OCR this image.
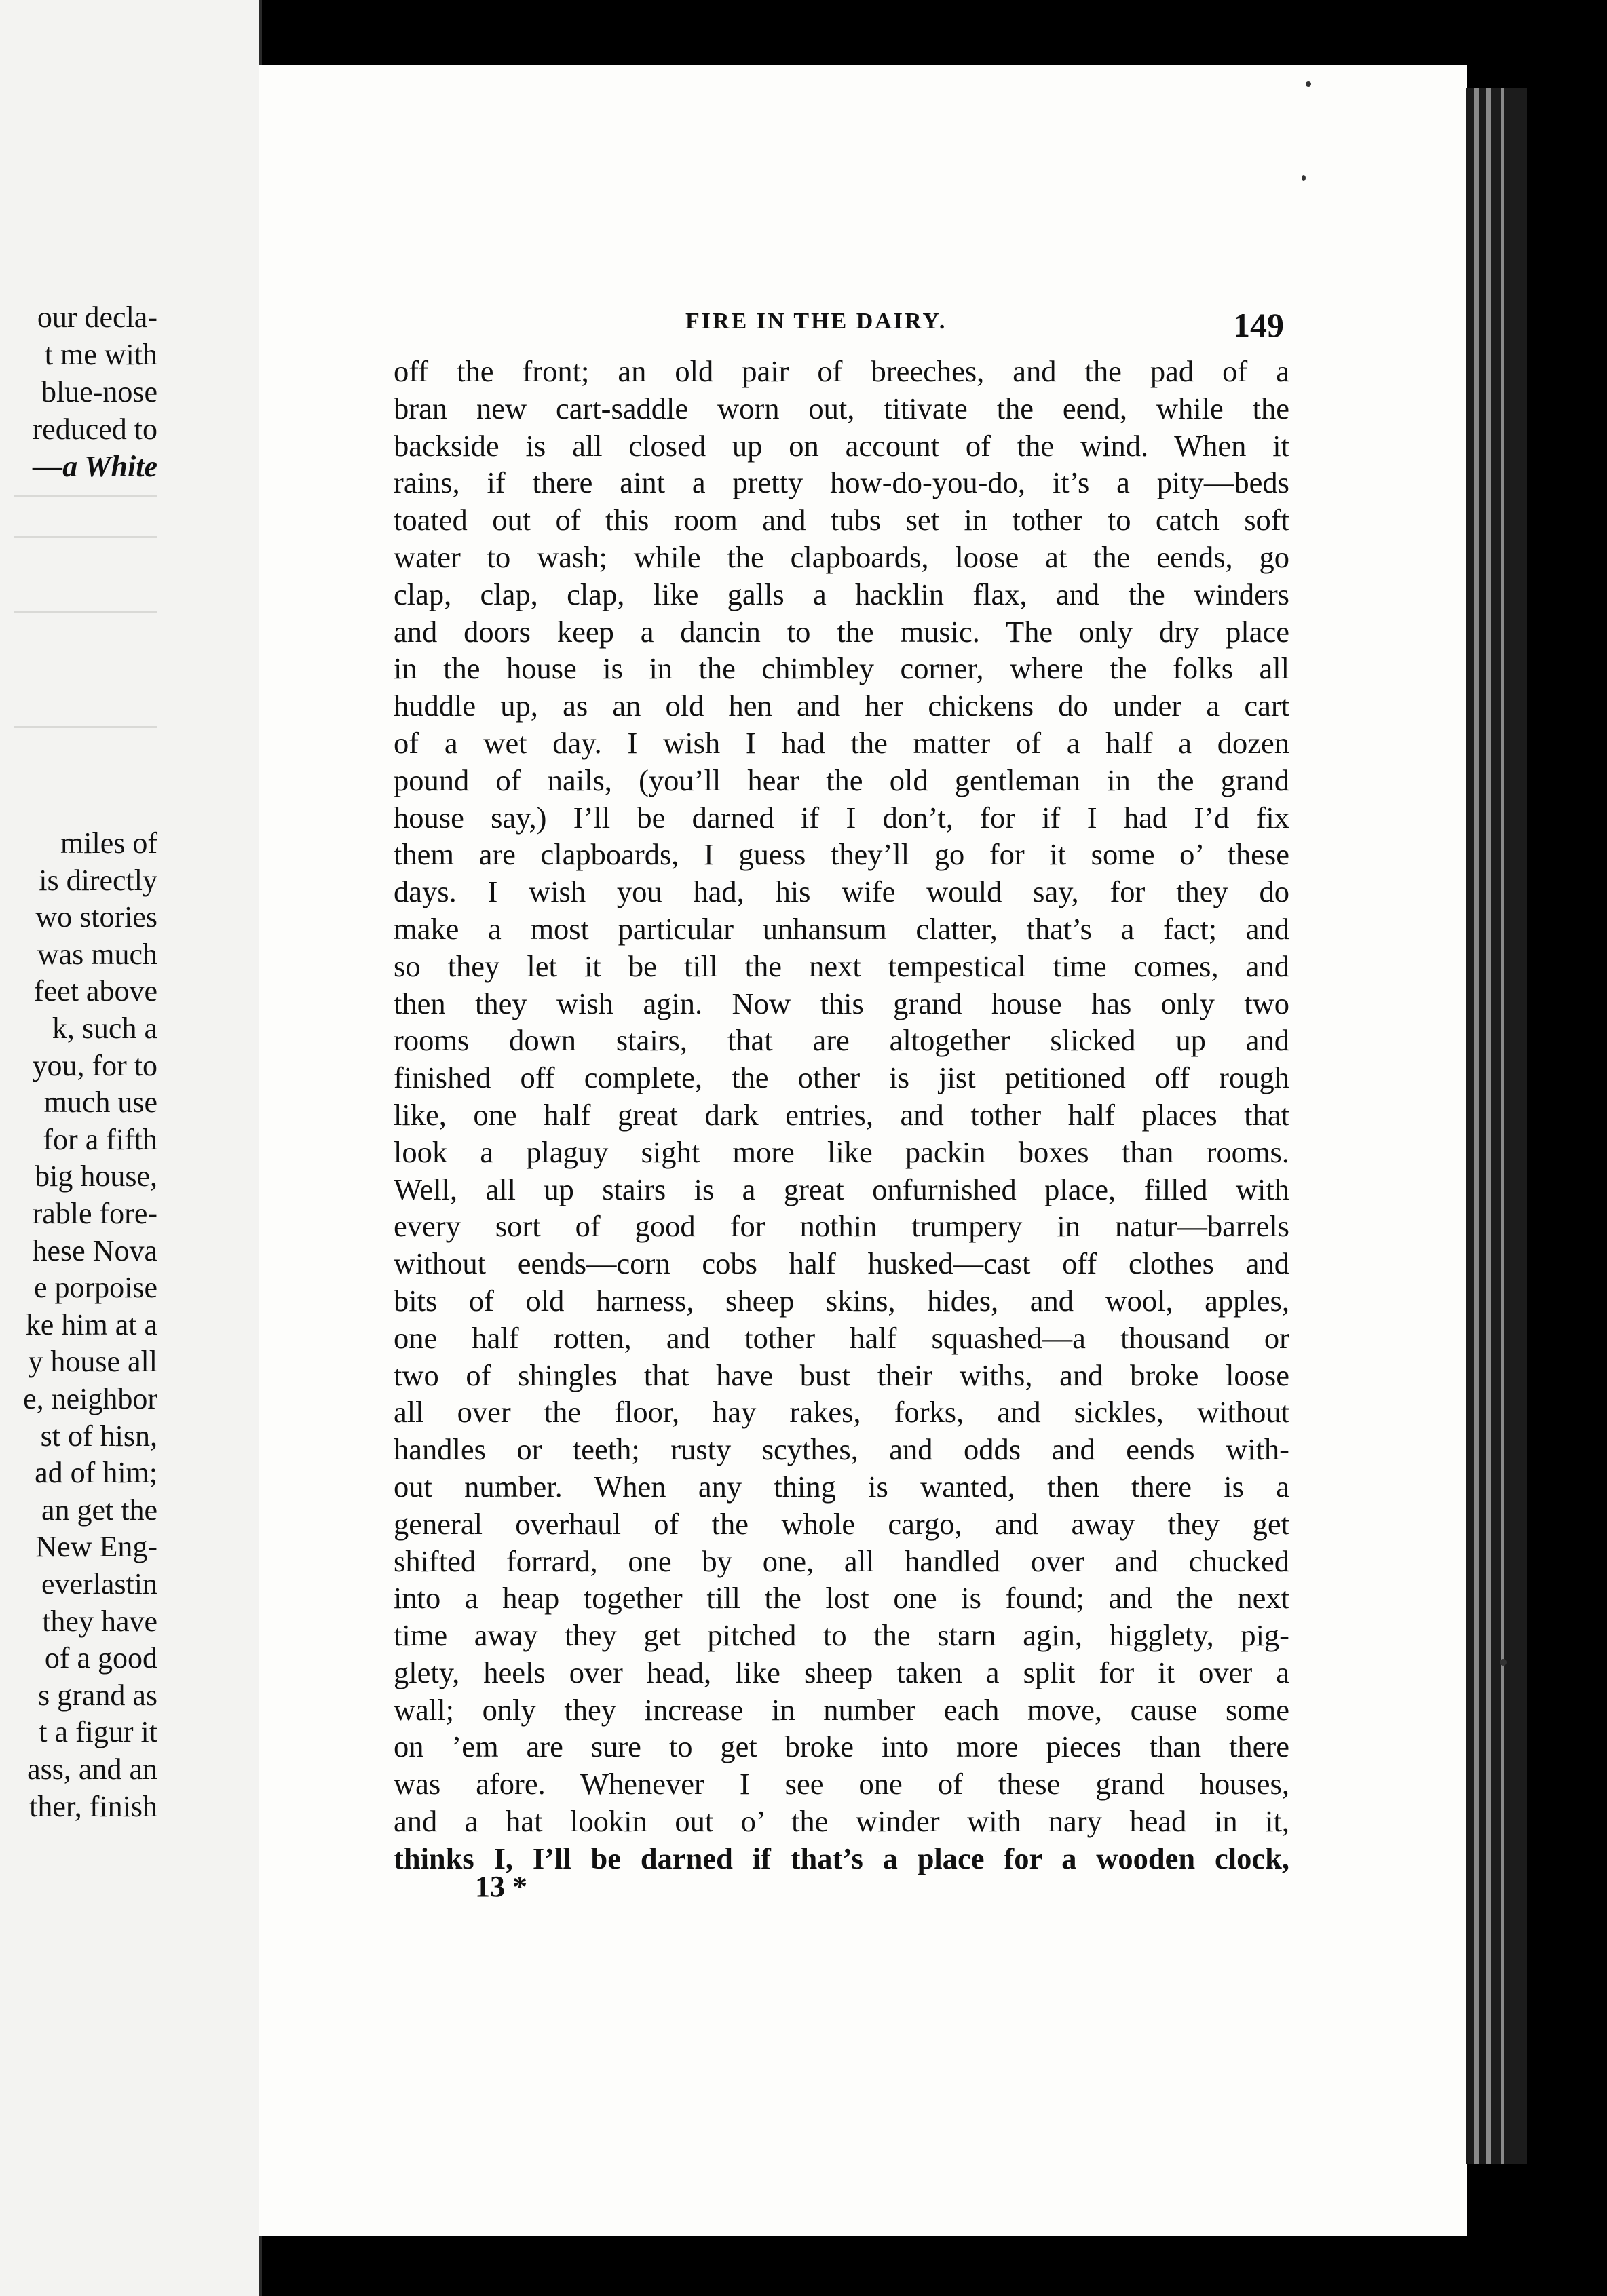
our decla-
t me with
blue-nose
reduced to
—a White
miles of
is directly
wo stories
was much
feet above
k, such a
you, for to
much use
for a fifth
big house,
rable fore-
hese Nova
e porpoise
ke him at a
y house all
e, neighbor
st of hisn,
ad of him;
an get the
New Eng-
everlastin
they have
of a good
s grand as
t a figur it
ass, and an
ther, finish
FIRE IN THE DAIRY.	149
off the front; an old pair of breeches, and the pad of a
bran new cart-saddle worn out, titivate the eend, while the
backside is all closed up on account of the wind. When it
rains, if there aint a pretty how-do-you-do, it’s a pity—beds
toated out of this room and tubs set in tother to catch soft
water to wash; while the clapboards, loose at the eends, go
clap, clap, clap, like galls a hacklin flax, and the winders
and doors keep a dancin to the music. The only dry place
in the house is in the chimbley corner, where the folks all
huddle up, as an old hen and her chickens do under a cart
of a wet day. I wish I had the matter of a half a dozen
pound of nails, (you’ll hear the old gentleman in the grand
house say,) I’ll be darned if I don’t, for if I had I’d fix
them are clapboards, I guess they’ll go for it some o’ these
days. I wish you had, his wife would say, for they do
make a most particular unhansum clatter, that’s a fact; and
so they let it be till the next tempestical time comes, and
then they wish agin. Now this grand house has only two
rooms down stairs, that are altogether slicked up and
finished off complete, the other is jist petitioned off rough
like, one half great dark entries, and tother half places that
look a plaguy sight more like packin boxes than rooms.
Well, all up stairs is a great onfurnished place, filled with
every sort of good for nothin trumpery in natur—barrels
without eends—corn cobs half husked—cast off clothes and
bits of old harness, sheep skins, hides, and wool, apples,
one half rotten, and tother half squashed—a thousand or
two of shingles that have bust their withs, and broke loose
all over the floor, hay rakes, forks, and sickles, without
handles or teeth; rusty scythes, and odds and eends with-
out number. When any thing is wanted, then there is a
general overhaul of the whole cargo, and away they get
shifted forrard, one by one, all handled over and chucked
into a heap together till the lost one is found; and the next
time away they get pitched to the starn agin, higglety, pig-
glety, heels over head, like sheep taken a split for it over a
wall; only they increase in number each move, cause some
on ’em are sure to get broke into more pieces than there
was afore. Whenever I see one of these grand houses,
and a hat lookin out o’ the winder with nary head in it,
thinks I, I’ll be darned if that’s a place for a wooden clock,
13 *
